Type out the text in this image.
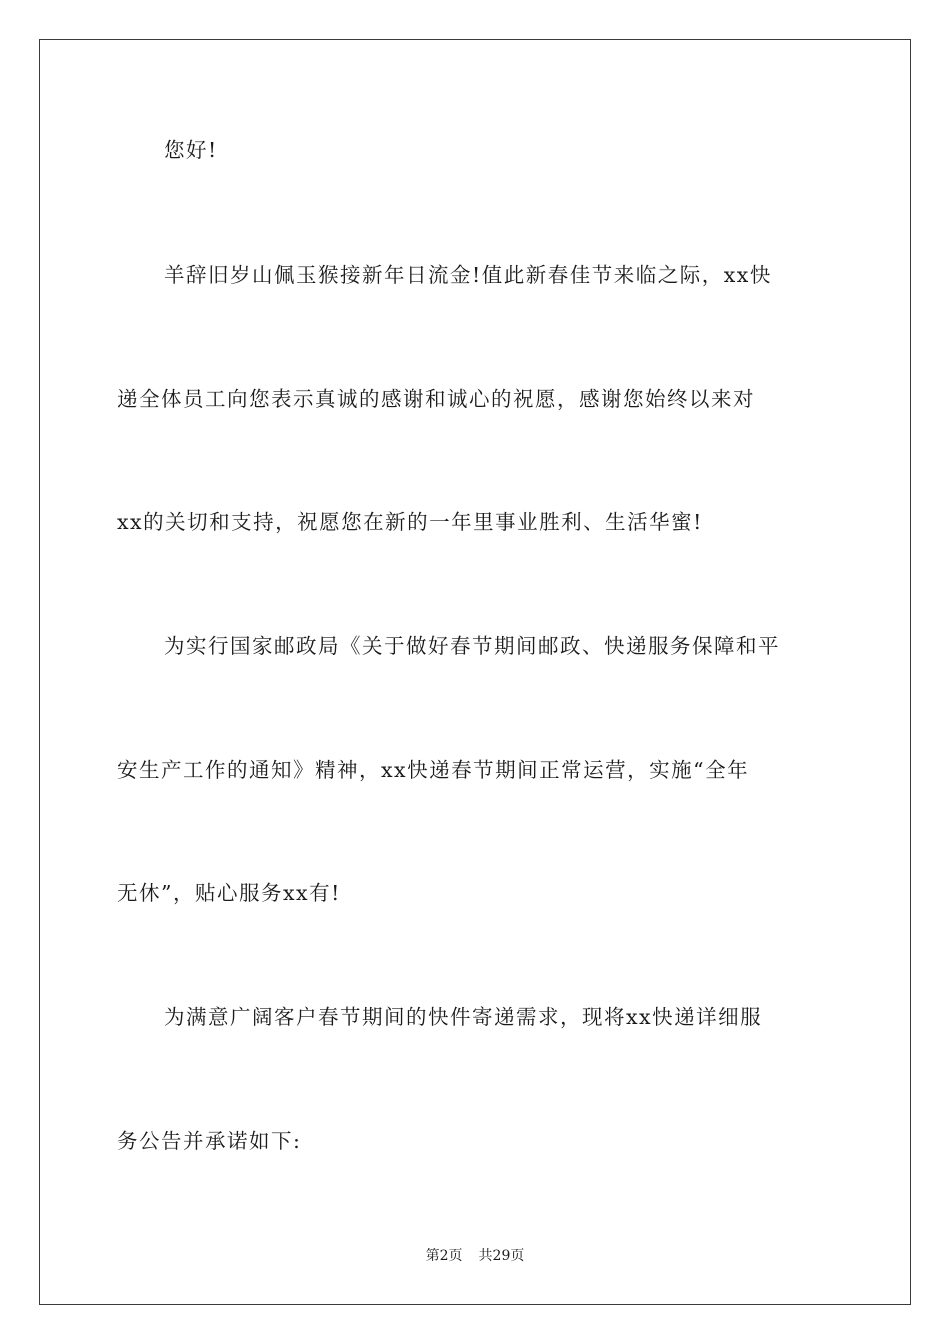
您好!
羊辞旧岁山佩玉猴接新年日流金!值此新春佳节来临之际，xx快
递全体员工向您表示真诚的感谢和诚心的祝愿，感谢您始终以来对
xx的关切和支持，祝愿您在新的一年里事业胜利、生活华蜜!
为实行国家邮政局《关于做好春节期间邮政、快递服务保障和平
安生产工作的通知》精神，xx快递春节期间正常运营，实施“全年
无休”，贴心服务xx有!
为满意广阔客户春节期间的快件寄递需求，现将xx快递详细服
务公告并承诺如下:
第2页 共29页
